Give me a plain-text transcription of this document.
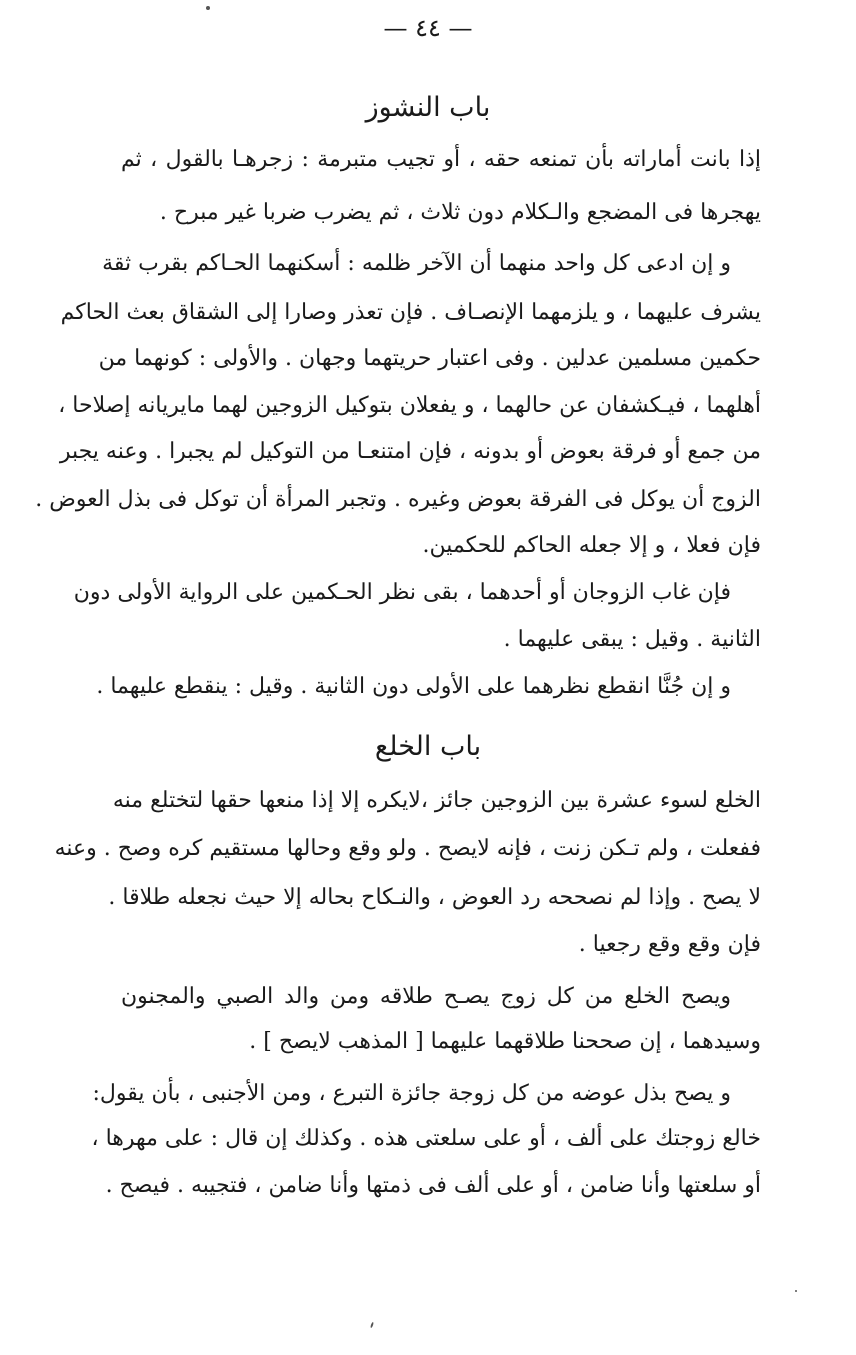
— ٤٤ —
باب النشوز
إذا بانت أماراته بأن تمنعه حقه ، أو تجيب متبرمة : زجرهـا بالقول ، ثم
يهجرها فى المضجع والـكلام دون ثلاث ، ثم يضرب ضربا غير مبرح .
و إن ادعى كل واحد منهما أن الآخر ظلمه : أسكنهما الحـاكم بقرب ثقة
يشرف عليهما ، و يلزمهما الإنصـاف . فإن تعذر وصارا إلى الشقاق بعث الحاكم
حكمين مسلمين عدلين . وفى اعتبار حريتهما وجهان . والأولى : كونهما من
أهلهما ، فيـكشفان عن حالهما ، و يفعلان بتوكيل الزوجين لهما مايريانه إصلاحا ،
من جمع أو فرقة بعوض أو بدونه ، فإن امتنعـا من التوكيل لم يجبرا . وعنه يجبر
الزوج أن يوكل فى الفرقة بعوض وغيره . وتجبر المرأة أن توكل فى بذل العوض .
فإن فعلا ، و إلا جعله الحاكم للحكمين.
فإن غاب الزوجان أو أحدهما ، بقى نظر الحـكمين على الرواية الأولى دون
الثانية . وقيل : يبقى عليهما .
و إن جُنَّا انقطع نظرهما على الأولى دون الثانية . وقيل : ينقطع عليهما .
باب الخلع
الخلع لسوء عشرة بين الزوجين جائز ،لايكره إلا إذا منعها حقها لتختلع منه
ففعلت ، ولم تـكن زنت ، فإنه لايصح . ولو وقع وحالها مستقيم كره وصح . وعنه
لا يصح . وإذا لم نصححه رد العوض ، والنـكاح بحاله إلا حيث نجعله طلاقا .
فإن وقع وقع رجعيا .
ويصح الخلع من كل زوج يصـح طلاقه ومن والد الصبي والمجنون
وسيدهما ، إن صححنا طلاقهما عليهما [ المذهب لايصح ] .
و يصح بذل عوضه من كل زوجة جائزة التبرع ، ومن الأجنبى ، بأن يقول:
خالع زوجتك على ألف ، أو على سلعتى هذه . وكذلك إن قال : على مهرها ،
أو سلعتها وأنا ضامن ، أو على ألف فى ذمتها وأنا ضامن ، فتجيبه . فيصح .
